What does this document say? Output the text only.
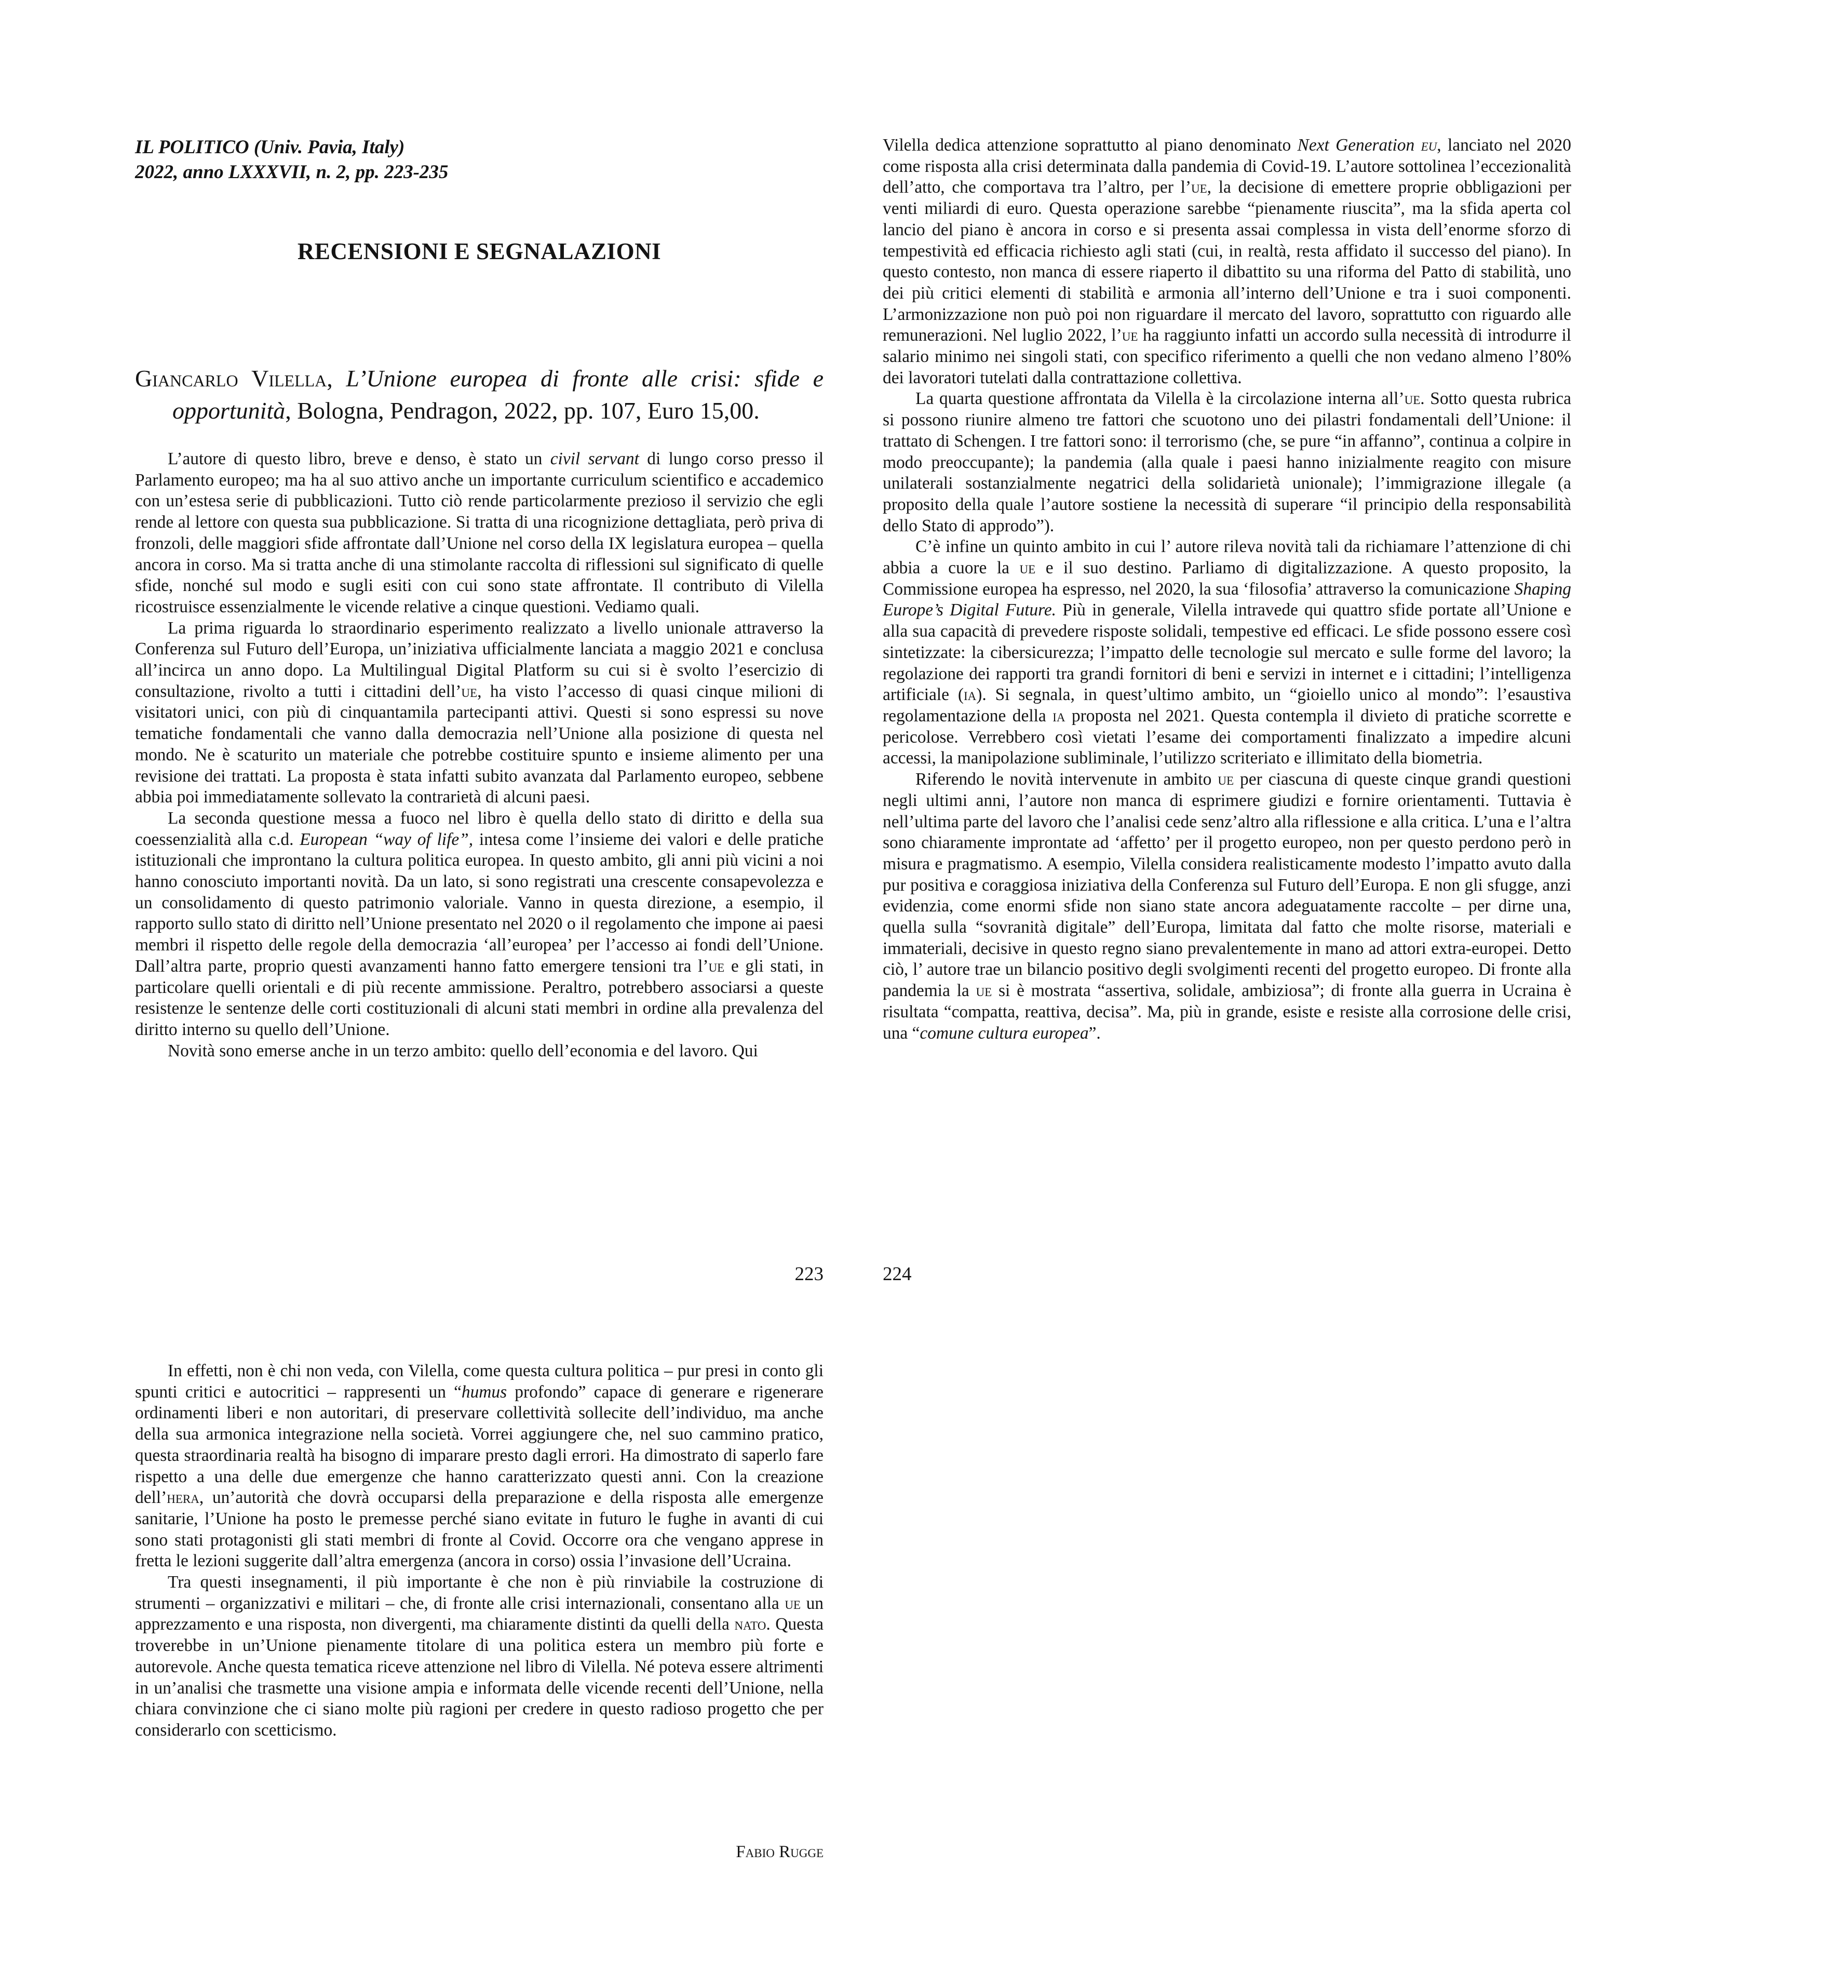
IL POLITICO (Univ. Pavia, Italy)
2022, anno LXXXVII, n. 2, pp. 223-235
RECENSIONI E SEGNALAZIONI
Giancarlo Vilella, L’Unione europea di fronte alle crisi: sfide e opportunità, Bologna, Pendragon, 2022, pp. 107, Euro 15,00.

L’autore di questo libro, breve e denso, è stato un civil servant di lungo corso presso il Parlamento europeo; ma ha al suo attivo anche un importante curriculum scientifico e accademico con un’estesa serie di pubblicazioni. Tutto ciò rende particolarmente prezioso il servizio che egli rende al lettore con questa sua pubblicazione. Si tratta di una ricognizione dettagliata, però priva di fronzoli, delle maggiori sfide affrontate dall’Unione nel corso della IX legislatura europea – quella ancora in corso. Ma si tratta anche di una stimolante raccolta di riflessioni sul significato di quelle sfide, nonché sul modo e sugli esiti con cui sono state affrontate. Il contributo di Vilella ricostruisce essenzialmente le vicende relative a cinque questioni. Vediamo quali.

La prima riguarda lo straordinario esperimento realizzato a livello unionale attraverso la Conferenza sul Futuro dell’Europa, un’iniziativa ufficialmente lanciata a maggio 2021 e conclusa all’incirca un anno dopo. La Multilingual Digital Platform su cui si è svolto l’esercizio di consultazione, rivolto a tutti i cittadini dell’ue, ha visto l’accesso di quasi cinque milioni di visitatori unici, con più di cinquantamila partecipanti attivi. Questi si sono espressi su nove tematiche fondamentali che vanno dalla democrazia nell’Unione alla posizione di questa nel mondo. Ne è scaturito un materiale che potrebbe costituire spunto e insieme alimento per una revisione dei trattati. La proposta è stata infatti subito avanzata dal Parlamento europeo, sebbene abbia poi immediatamente sollevato la contrarietà di alcuni paesi.

La seconda questione messa a fuoco nel libro è quella dello stato di diritto e della sua coessenzialità alla c.d. European “way of life”, intesa come l’insieme dei valori e delle pratiche istituzionali che improntano la cultura politica europea. In questo ambito, gli anni più vicini a noi hanno conosciuto importanti novità. Da un lato, si sono registrati una crescente consapevolezza e un consolidamento di questo patrimonio valoriale. Vanno in questa direzione, a esempio, il rapporto sullo stato di diritto nell’Unione presentato nel 2020 o il regolamento che impone ai paesi membri il rispetto delle regole della democrazia ‘all’europea’ per l’accesso ai fondi dell’Unione. Dall’altra parte, proprio questi avanzamenti hanno fatto emergere tensioni tra l’ue e gli stati, in particolare quelli orientali e di più recente ammissione. Peraltro, potrebbero associarsi a queste resistenze le sentenze delle corti costituzionali di alcuni stati membri in ordine alla prevalenza del diritto interno su quello dell’Unione.

Novità sono emerse anche in un terzo ambito: quello dell’economia e del lavoro. Qui

223

Vilella dedica attenzione soprattutto al piano denominato Next Generation eu, lanciato nel 2020 come risposta alla crisi determinata dalla pandemia di Covid-19. L’autore sottolinea l’eccezionalità dell’atto, che comportava tra l’altro, per l’ue, la decisione di emettere proprie obbligazioni per venti miliardi di euro. Questa operazione sarebbe “pienamente riuscita”, ma la sfida aperta col lancio del piano è ancora in corso e si presenta assai complessa in vista dell’enorme sforzo di tempestività ed efficacia richiesto agli stati (cui, in realtà, resta affidato il successo del piano). In questo contesto, non manca di essere riaperto il dibattito su una riforma del Patto di stabilità, uno dei più critici elementi di stabilità e armonia all’interno dell’Unione e tra i suoi componenti. L’armonizzazione non può poi non riguardare il mercato del lavoro, soprattutto con riguardo alle remunerazioni. Nel luglio 2022, l’ue ha raggiunto infatti un accordo sulla necessità di introdurre il salario minimo nei singoli stati, con specifico riferimento a quelli che non vedano almeno l’80% dei lavoratori tutelati dalla contrattazione collettiva.

La quarta questione affrontata da Vilella è la circolazione interna all’ue. Sotto questa rubrica si possono riunire almeno tre fattori che scuotono uno dei pilastri fondamentali dell’Unione: il trattato di Schengen. I tre fattori sono: il terrorismo (che, se pure “in affanno”, continua a colpire in modo preoccupante); la pandemia (alla quale i paesi hanno inizialmente reagito con misure unilaterali sostanzialmente negatrici della solidarietà unionale); l’immigrazione illegale (a proposito della quale l’autore sostiene la necessità di superare “il principio della responsabilità dello Stato di approdo”).

C’è infine un quinto ambito in cui l’ autore rileva novità tali da richiamare l’attenzione di chi abbia a cuore la ue e il suo destino. Parliamo di digitalizzazione. A questo proposito, la Commissione europea ha espresso, nel 2020, la sua ‘filosofia’ attraverso la comunicazione Shaping Europe’s Digital Future. Più in generale, Vilella intravede qui quattro sfide portate all’Unione e alla sua capacità di prevedere risposte solidali, tempestive ed efficaci. Le sfide possono essere così sintetizzate: la cibersicurezza; l’impatto delle tecnologie sul mercato e sulle forme del lavoro; la regolazione dei rapporti tra grandi fornitori di beni e servizi in internet e i cittadini; l’intelligenza artificiale (ia). Si segnala, in quest’ultimo ambito, un “gioiello unico al mondo”: l’esaustiva regolamentazione della ia proposta nel 2021. Questa contempla il divieto di pratiche scorrette e pericolose. Verrebbero così vietati l’esame dei comportamenti finalizzato a impedire alcuni accessi, la manipolazione subliminale, l’utilizzo scriteriato e illimitato della biometria.

Riferendo le novità intervenute in ambito ue per ciascuna di queste cinque grandi questioni negli ultimi anni, l’autore non manca di esprimere giudizi e fornire orientamenti. Tuttavia è nell’ultima parte del lavoro che l’analisi cede senz’altro alla riflessione e alla critica. L’una e l’altra sono chiaramente improntate ad ‘affetto’ per il progetto europeo, non per questo perdono però in misura e pragmatismo. A esempio, Vilella considera realisticamente modesto l’impatto avuto dalla pur positiva e coraggiosa iniziativa della Conferenza sul Futuro dell’Europa. E non gli sfugge, anzi evidenzia, come enormi sfide non siano state ancora adeguatamente raccolte – per dirne una, quella sulla “sovranità digitale” dell’Europa, limitata dal fatto che molte risorse, materiali e immateriali, decisive in questo regno siano prevalentemente in mano ad attori extra-europei. Detto ciò, l’ autore trae un bilancio positivo degli svolgimenti recenti del progetto europeo. Di fronte alla pandemia la ue si è mostrata “assertiva, solidale, ambiziosa”; di fronte alla guerra in Ucraina è risultata “compatta, reattiva, decisa”. Ma, più in grande, esiste e resiste alla corrosione delle crisi, una “comune cultura europea”.

224

In effetti, non è chi non veda, con Vilella, come questa cultura politica – pur presi in conto gli spunti critici e autocritici – rappresenti un “humus profondo” capace di generare e rigenerare ordinamenti liberi e non autoritari, di preservare collettività sollecite dell’individuo, ma anche della sua armonica integrazione nella società. Vorrei aggiungere che, nel suo cammino pratico, questa straordinaria realtà ha bisogno di imparare presto dagli errori. Ha dimostrato di saperlo fare rispetto a una delle due emergenze che hanno caratterizzato questi anni. Con la creazione dell’hera, un’autorità che dovrà occuparsi della preparazione e della risposta alle emergenze sanitarie, l’Unione ha posto le premesse perché siano evitate in futuro le fughe in avanti di cui sono stati protagonisti gli stati membri di fronte al Covid. Occorre ora che vengano apprese in fretta le lezioni suggerite dall’altra emergenza (ancora in corso) ossia l’invasione dell’Ucraina.

Tra questi insegnamenti, il più importante è che non è più rinviabile la costruzione di strumenti – organizzativi e militari – che, di fronte alle crisi internazionali, consentano alla ue un apprezzamento e una risposta, non divergenti, ma chiaramente distinti da quelli della nato. Questa troverebbe in un’Unione pienamente titolare di una politica estera un membro più forte e autorevole. Anche questa tematica riceve attenzione nel libro di Vilella. Né poteva essere altrimenti in un’analisi che trasmette una visione ampia e informata delle vicende recenti dell’Unione, nella chiara convinzione che ci siano molte più ragioni per credere in questo radioso progetto che per considerarlo con scetticismo.

Fabio Rugge
